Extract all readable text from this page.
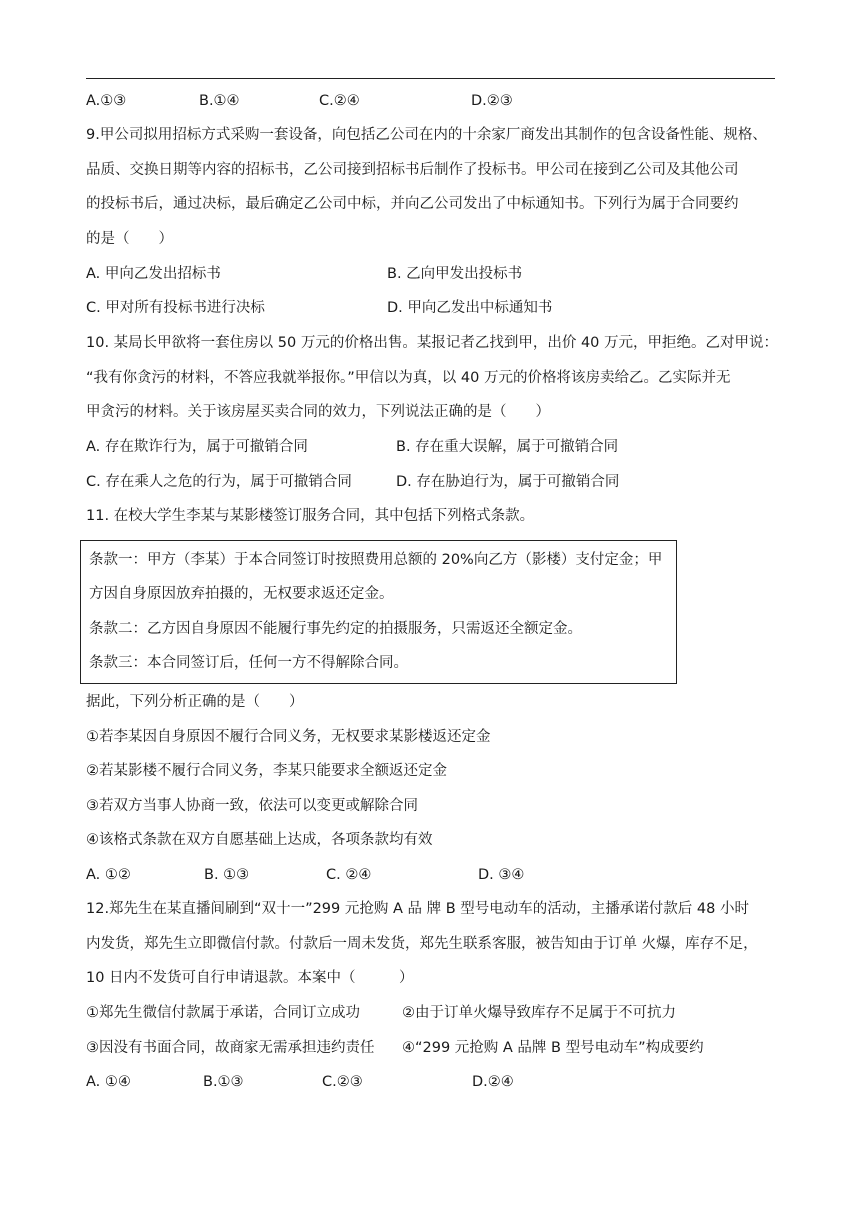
A.①③	B.①④	C.②④	D.②③
9.甲公司拟用招标方式采购一套设备，向包括乙公司在内的十余家厂商发出其制作的包含设备性能、规格、
品质、交换日期等内容的招标书，乙公司接到招标书后制作了投标书。甲公司在接到乙公司及其他公司
的投标书后，通过决标，最后确定乙公司中标，并向乙公司发出了中标通知书。下列行为属于合同要约
的是（　　）
A. 甲向乙发出招标书	B. 乙向甲发出投标书
C. 甲对所有投标书进行决标	D. 甲向乙发出中标通知书
10. 某局长甲欲将一套住房以 50 万元的价格出售。某报记者乙找到甲，出价 40 万元，甲拒绝。乙对甲说：
“我有你贪污的材料，不答应我就举报你。”甲信以为真，以 40 万元的价格将该房卖给乙。乙实际并无
甲贪污的材料。关于该房屋买卖合同的效力，下列说法正确的是（　　）
A. 存在欺诈行为，属于可撤销合同	B. 存在重大误解，属于可撤销合同
C. 存在乘人之危的行为，属于可撤销合同	D. 存在胁迫行为，属于可撤销合同
11. 在校大学生李某与某影楼签订服务合同，其中包括下列格式条款。
条款一：甲方（李某）于本合同签订时按照费用总额的 20%向乙方（影楼）支付定金；甲
方因自身原因放弃拍摄的，无权要求返还定金。
条款二：乙方因自身原因不能履行事先约定的拍摄服务，只需返还全额定金。
条款三：本合同签订后，任何一方不得解除合同。
据此，下列分析正确的是（　　）
①若李某因自身原因不履行合同义务，无权要求某影楼返还定金
②若某影楼不履行合同义务，李某只能要求全额返还定金
③若双方当事人协商一致，依法可以变更或解除合同
④该格式条款在双方自愿基础上达成，各项条款均有效
A. ①②	B. ①③	C. ②④	D. ③④
12.郑先生在某直播间刷到“双十一”299 元抢购 A 品 牌 B 型号电动车的活动，主播承诺付款后 48 小时
内发货，郑先生立即微信付款。付款后一周未发货，郑先生联系客服，被告知由于订单 火爆，库存不足，
10 日内不发货可自行申请退款。本案中（　　　）
①郑先生微信付款属于承诺，合同订立成功	②由于订单火爆导致库存不足属于不可抗力
③因没有书面合同，故商家无需承担违约责任 ④“299 元抢购 A 品牌 B 型号电动车”构成要约
A. ①④	B.①③	C.②③	D.②④
